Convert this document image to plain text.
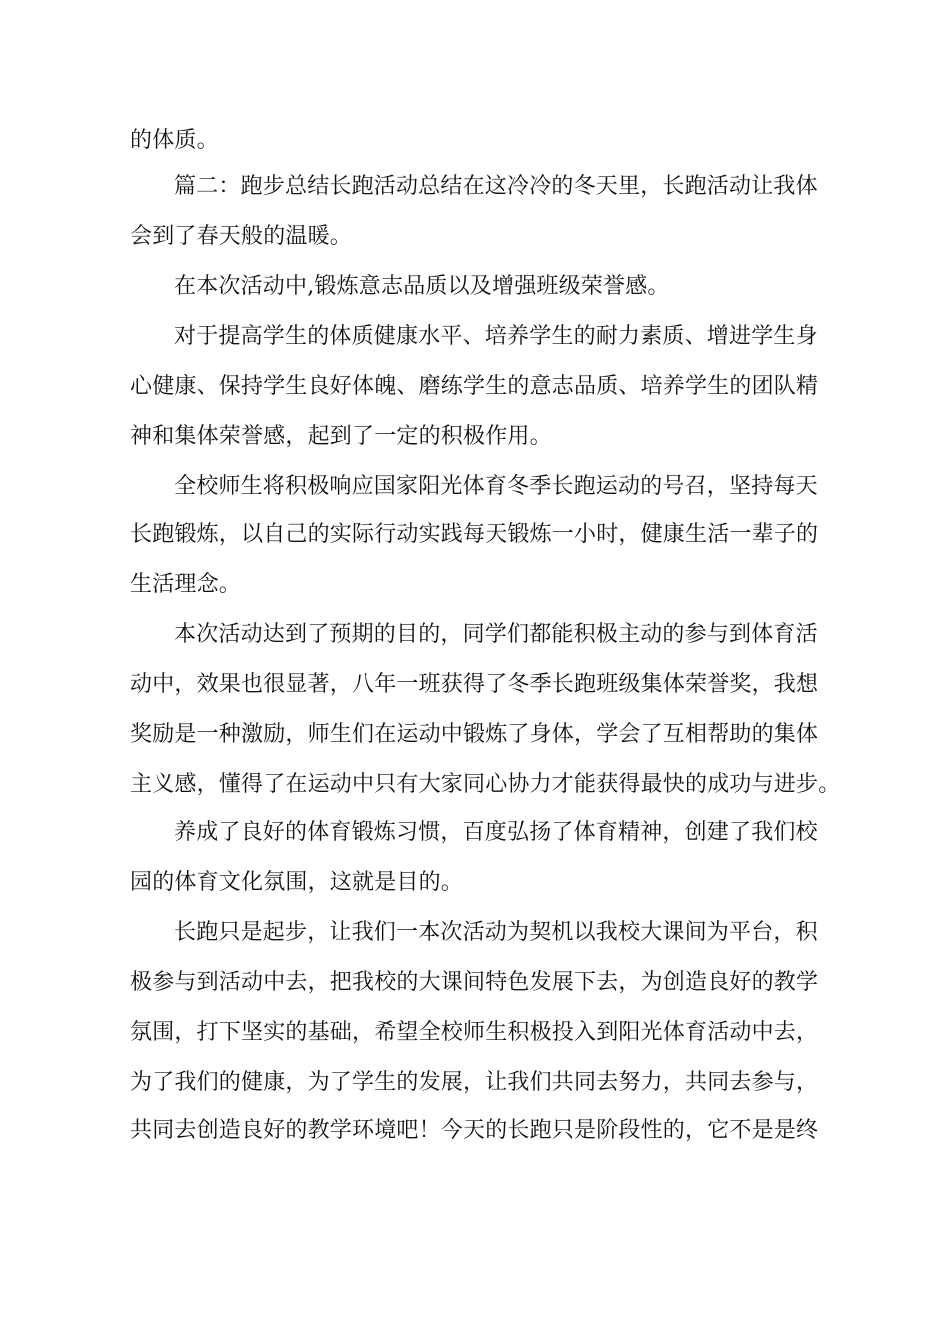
的体质。
篇二：跑步总结长跑活动总结在这冷冷的冬天里，长跑活动让我体
会到了春天般的温暖。
在本次活动中,锻炼意志品质以及增强班级荣誉感。
对于提高学生的体质健康水平、培养学生的耐力素质、增进学生身
心健康、保持学生良好体魄、磨练学生的意志品质、培养学生的团队精
神和集体荣誉感，起到了一定的积极作用。
全校师生将积极响应国家阳光体育冬季长跑运动的号召，坚持每天
长跑锻炼，以自己的实际行动实践每天锻炼一小时，健康生活一辈子的
生活理念。
本次活动达到了预期的目的，同学们都能积极主动的参与到体育活
动中，效果也很显著，八年一班获得了冬季长跑班级集体荣誉奖，我想
奖励是一种激励，师生们在运动中锻炼了身体，学会了互相帮助的集体
主义感，懂得了在运动中只有大家同心协力才能获得最快的成功与进步。
养成了良好的体育锻炼习惯，百度弘扬了体育精神，创建了我们校
园的体育文化氛围，这就是目的。
长跑只是起步，让我们一本次活动为契机以我校大课间为平台，积
极参与到活动中去，把我校的大课间特色发展下去，为创造良好的教学
氛围，打下坚实的基础，希望全校师生积极投入到阳光体育活动中去，
为了我们的健康，为了学生的发展，让我们共同去努力，共同去参与，
共同去创造良好的教学环境吧！今天的长跑只是阶段性的，它不是是终
